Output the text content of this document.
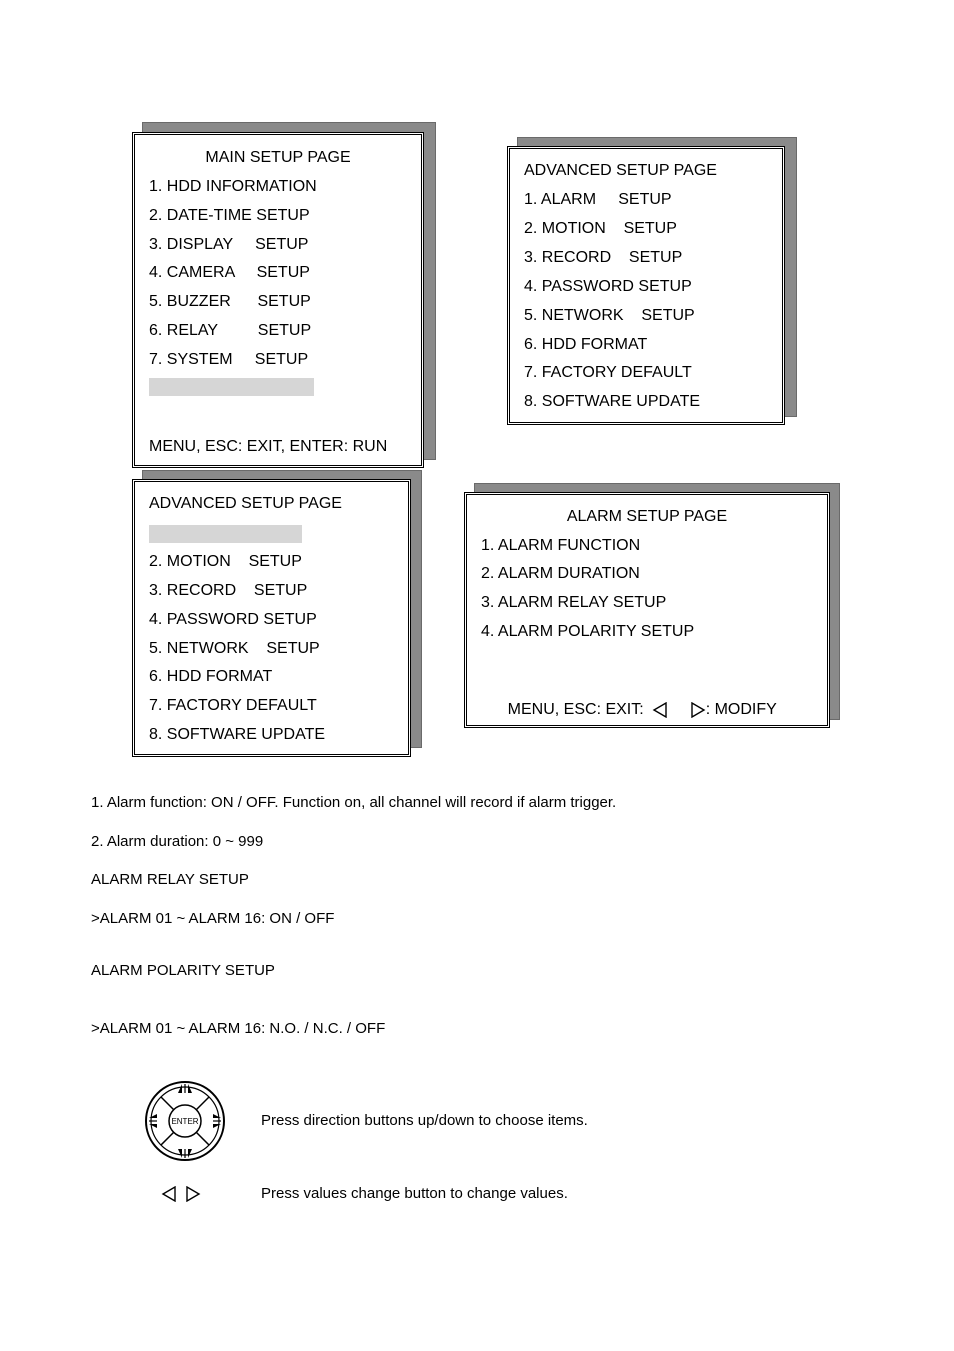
MAIN SETUP PAGE
1. HDD INFORMATION
2. DATE-TIME SETUP
3. DISPLAY     SETUP
4. CAMERA     SETUP
5. BUZZER      SETUP
6. RELAY         SETUP
7. SYSTEM     SETUP
MENU, ESC: EXIT, ENTER: RUN
ADVANCED SETUP PAGE
1. ALARM     SETUP
2. MOTION    SETUP
3. RECORD    SETUP
4. PASSWORD SETUP
5. NETWORK    SETUP
6. HDD FORMAT
7. FACTORY DEFAULT
8. SOFTWARE UPDATE
ADVANCED SETUP PAGE
2. MOTION    SETUP
3. RECORD    SETUP
4. PASSWORD SETUP
5. NETWORK    SETUP
6. HDD FORMAT
7. FACTORY DEFAULT
8. SOFTWARE UPDATE
ALARM SETUP PAGE
1. ALARM FUNCTION
2. ALARM DURATION
3. ALARM RELAY SETUP
4. ALARM POLARITY SETUP

MENU, ESC: EXIT:	: MODIFY

1. Alarm function: ON / OFF. Function on, all channel will record if alarm trigger.
2. Alarm duration: 0 ~ 999
ALARM RELAY SETUP
>ALARM 01 ~ ALARM 16: ON / OFF
ALARM POLARITY SETUP
>ALARM 01 ~ ALARM 16: N.O. / N.C. / OFF
ENTER	Press direction buttons up/down to choose items.
Press values change button to change values.
